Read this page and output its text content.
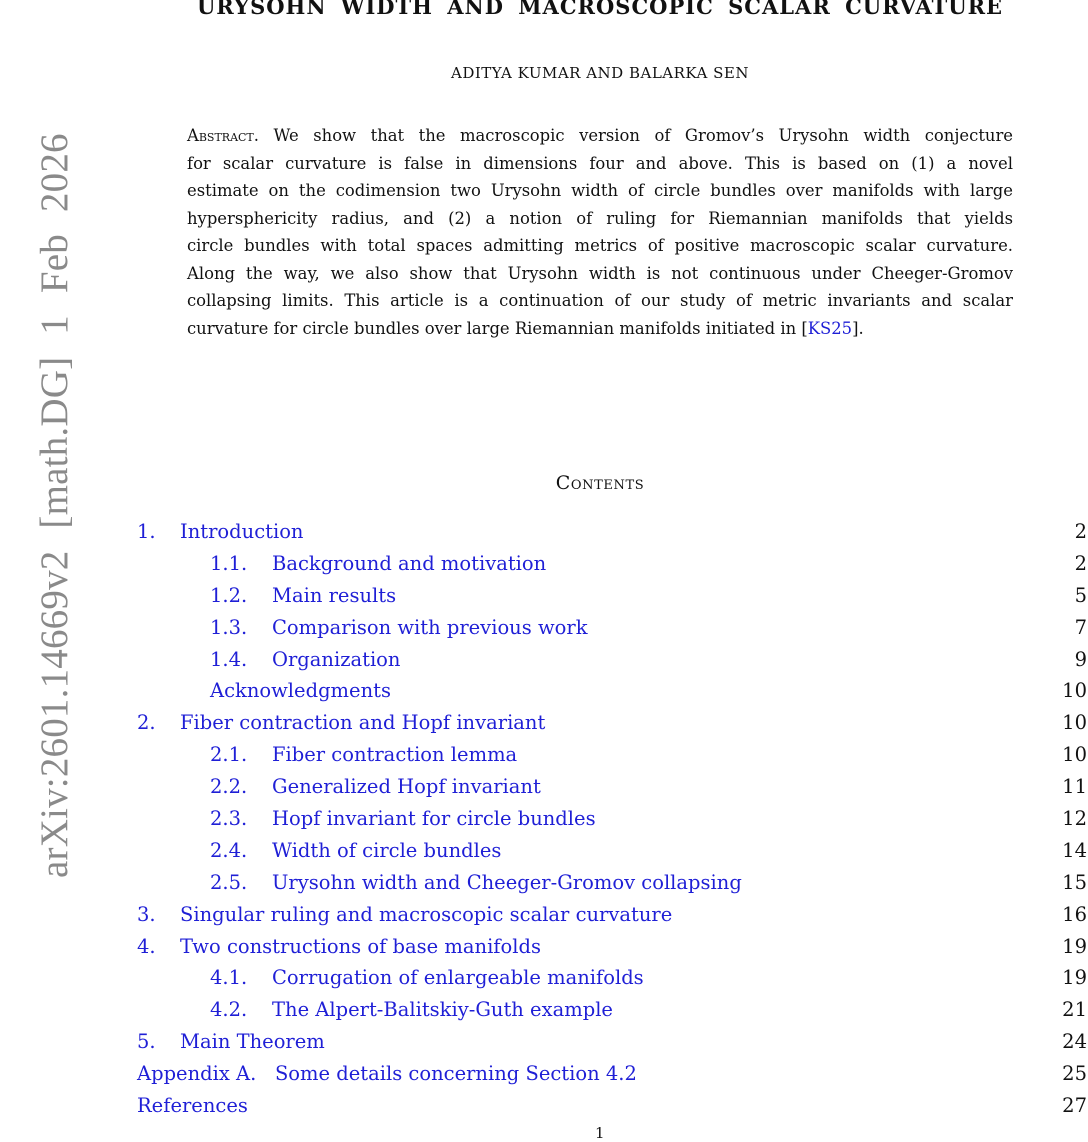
arXiv:2601.14669v2 [math.DG] 1 Feb 2026
URYSOHN WIDTH AND MACROSCOPIC SCALAR CURVATURE
ADITYA KUMAR AND BALARKA SEN
Abstract. We show that the macroscopic version of Gromov’s Urysohn width conjecture
for scalar curvature is false in dimensions four and above. This is based on (1) a novel
estimate on the codimension two Urysohn width of circle bundles over manifolds with large
hypersphericity radius, and (2) a notion of ruling for Riemannian manifolds that yields
circle bundles with total spaces admitting metrics of positive macroscopic scalar curvature.
Along the way, we also show that Urysohn width is not continuous under Cheeger-Gromov
collapsing limits. This article is a continuation of our study of metric invariants and scalar
curvature for circle bundles over large Riemannian manifolds initiated in [KS25].
Contents
1. Introduction	2
1.1. Background and motivation	2
1.2. Main results	5
1.3. Comparison with previous work	7
1.4. Organization	9
Acknowledgments	10
2. Fiber contraction and Hopf invariant	10
2.1. Fiber contraction lemma	10
2.2. Generalized Hopf invariant	11
2.3. Hopf invariant for circle bundles	12
2.4. Width of circle bundles	14
2.5. Urysohn width and Cheeger-Gromov collapsing	15
3. Singular ruling and macroscopic scalar curvature	16
4. Two constructions of base manifolds	19
4.1. Corrugation of enlargeable manifolds	19
4.2. The Alpert-Balitskiy-Guth example	21
5. Main Theorem	24
Appendix A.   Some details concerning Section 4.2	25
References	27
1
